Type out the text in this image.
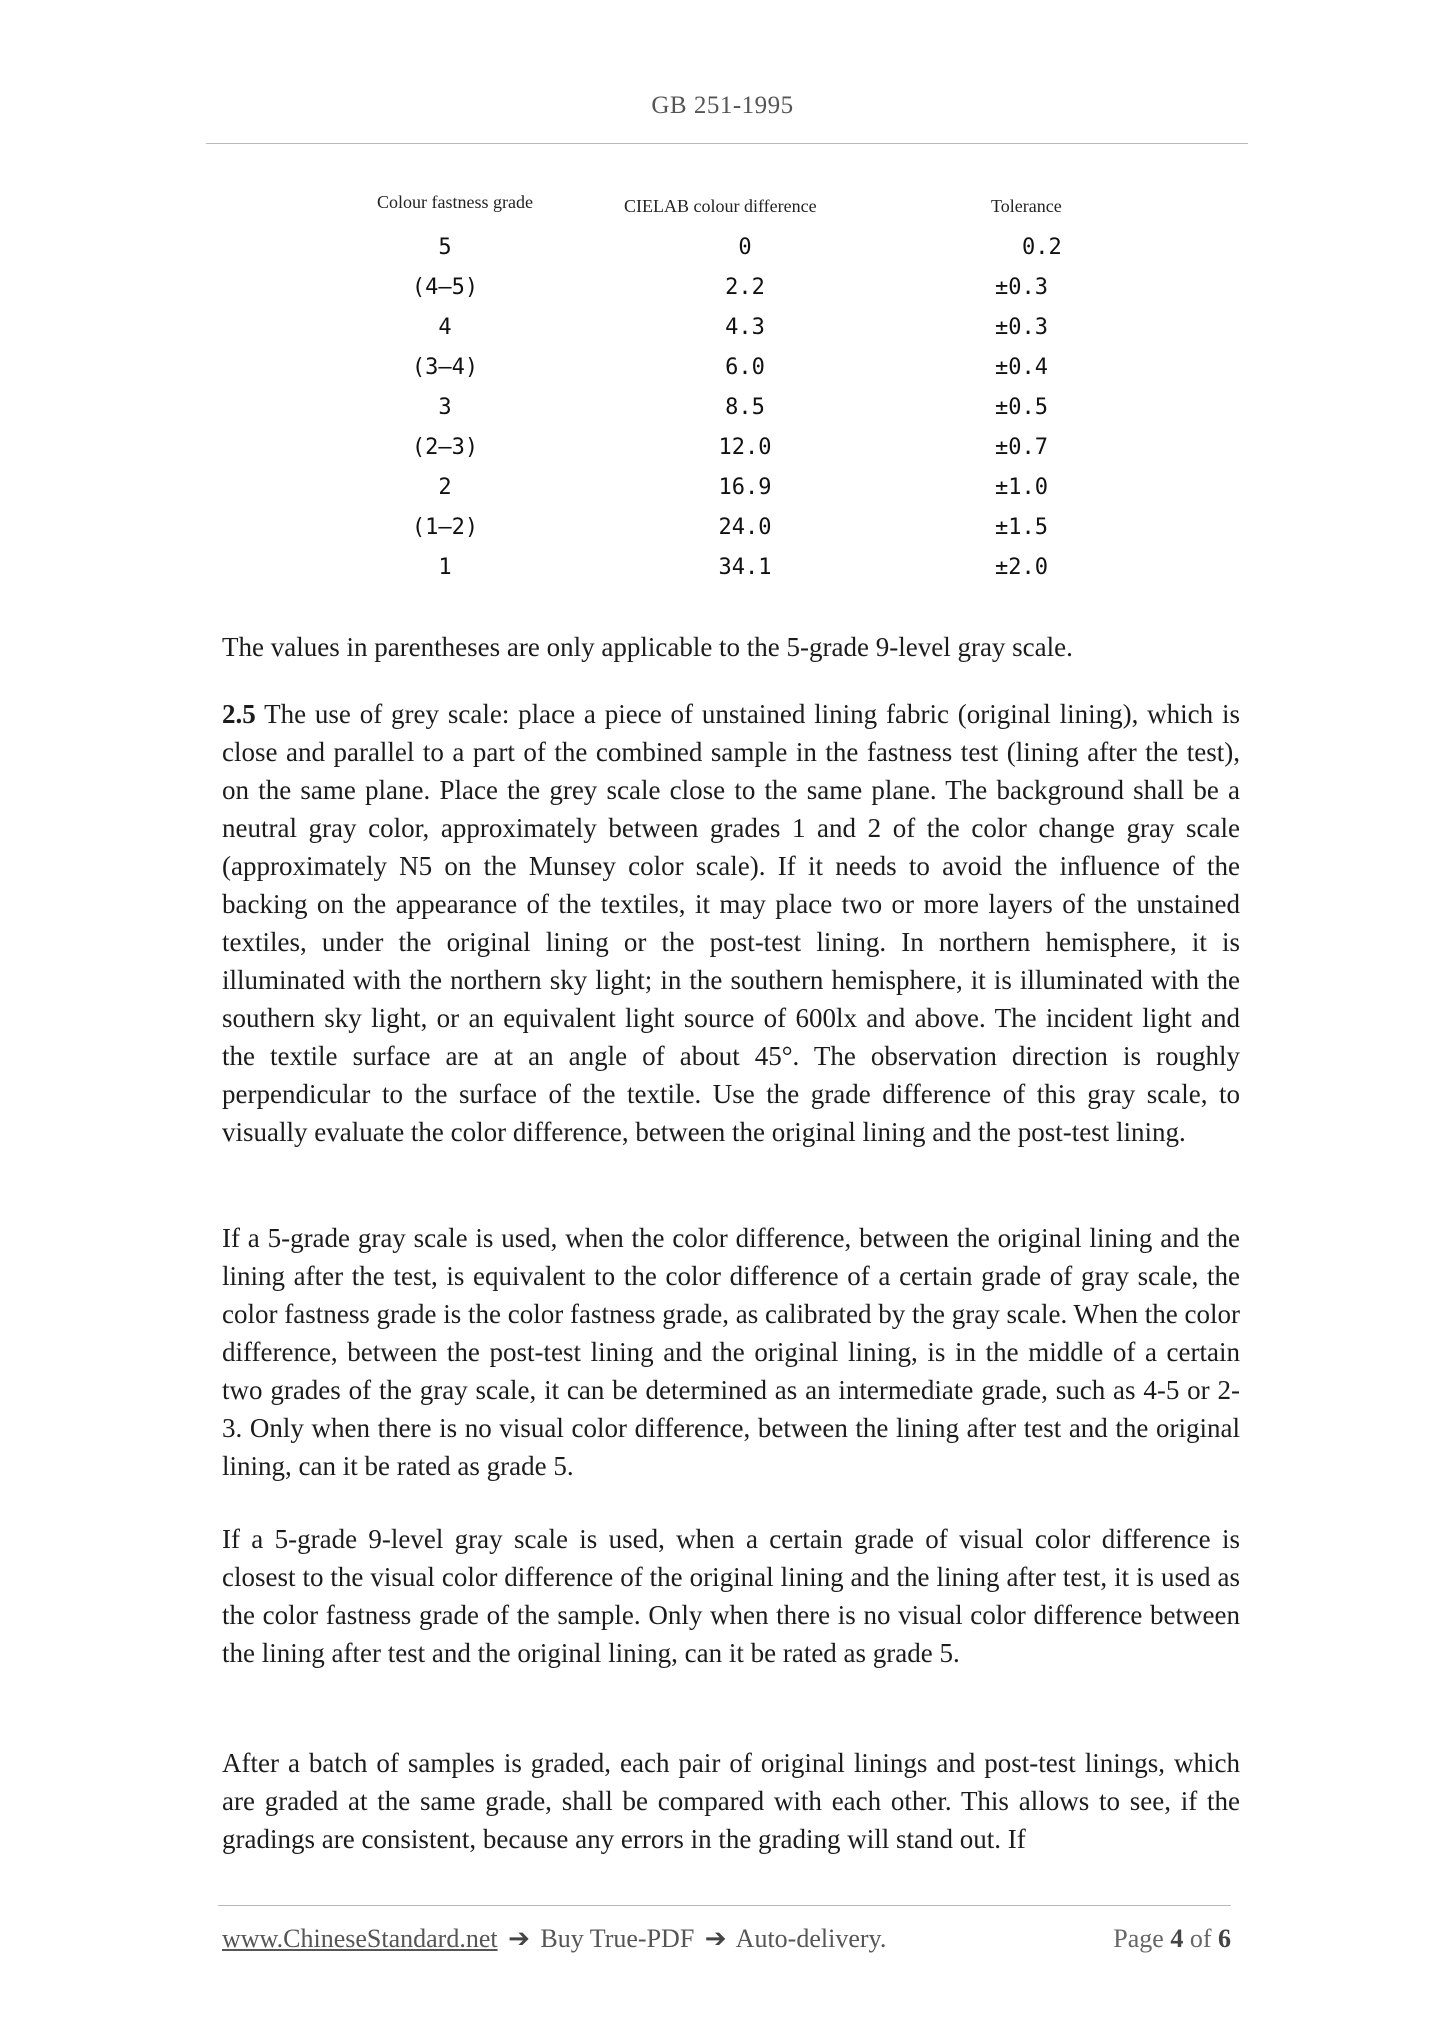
GB 251-1995
Colour fastness grade	CIELAB colour difference	Tolerance
5	0	0.2
(4—5)	2.2	±0.3
4	4.3	±0.3
(3—4)	6.0	±0.4
3	8.5	±0.5
(2—3)	12.0	±0.7
2	16.9	±1.0
(1—2)	24.0	±1.5
1	34.1	±2.0

The values in parentheses are only applicable to the 5-grade 9-level gray scale.

2.5 The use of grey scale: place a piece of unstained lining fabric (original lining), which is close and parallel to a part of the combined sample in the fastness test (lining after the test), on the same plane. Place the grey scale close to the same plane. The background shall be a neutral gray color, approximately between grades 1 and 2 of the color change gray scale (approximately N5 on the Munsey color scale). If it needs to avoid the influence of the backing on the appearance of the textiles, it may place two or more layers of the unstained textiles, under the original lining or the post-test lining. In northern hemisphere, it is illuminated with the northern sky light; in the southern hemisphere, it is illuminated with the southern sky light, or an equivalent light source of 600lx and above. The incident light and the textile surface are at an angle of about 45°. The observation direction is roughly perpendicular to the surface of the textile. Use the grade difference of this gray scale, to visually evaluate the color difference, between the original lining and the post-test lining.

If a 5-grade gray scale is used, when the color difference, between the original lining and the lining after the test, is equivalent to the color difference of a certain grade of gray scale, the color fastness grade is the color fastness grade, as calibrated by the gray scale. When the color difference, between the post-test lining and the original lining, is in the middle of a certain two grades of the gray scale, it can be determined as an intermediate grade, such as 4-5 or 2-3. Only when there is no visual color difference, between the lining after test and the original lining, can it be rated as grade 5.

If a 5-grade 9-level gray scale is used, when a certain grade of visual color difference is closest to the visual color difference of the original lining and the lining after test, it is used as the color fastness grade of the sample. Only when there is no visual color difference between the lining after test and the original lining, can it be rated as grade 5.

After a batch of samples is graded, each pair of original linings and post-test linings, which are graded at the same grade, shall be compared with each other. This allows to see, if the gradings are consistent, because any errors in the grading will stand out. If

www.ChineseStandard.net ➔ Buy True-PDF ➔ Auto-delivery.	Page 4 of 6
